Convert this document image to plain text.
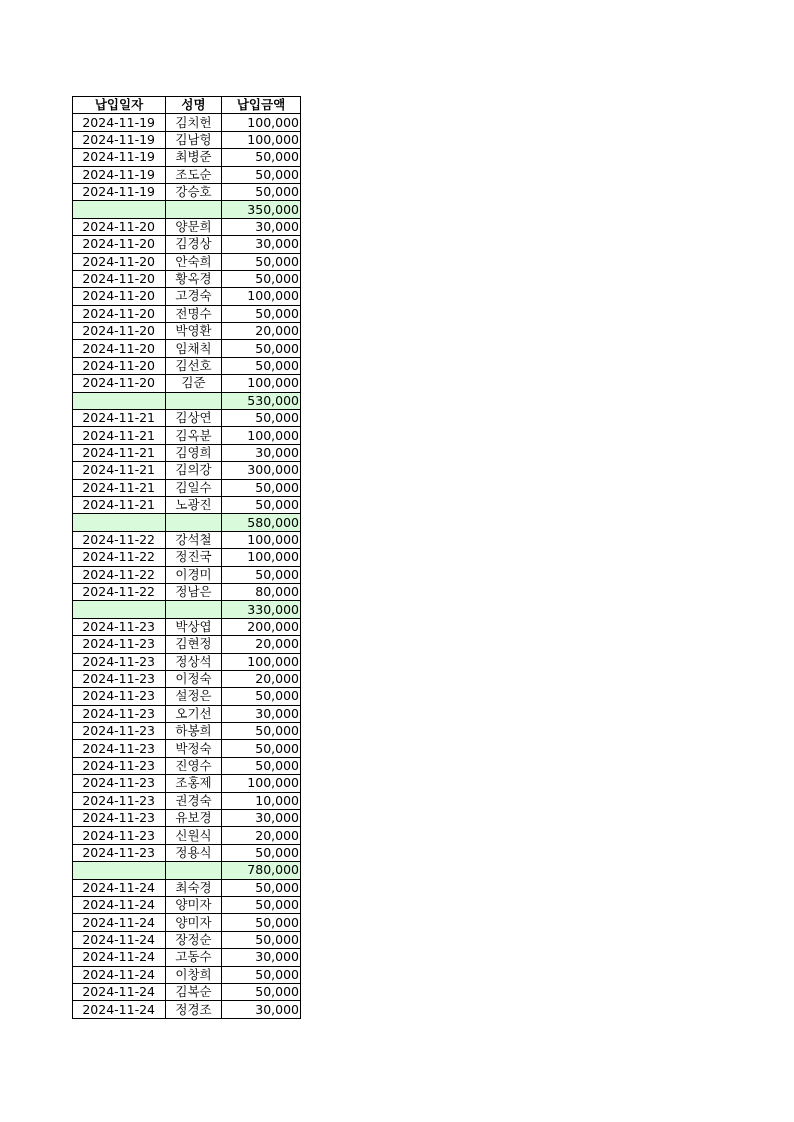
납입일자	성명	납입금액
2024-11-19	김치헌	100,000
2024-11-19	김남헝	100,000
2024-11-19	최병준	50,000
2024-11-19	조도순	50,000
2024-11-19	강승호	50,000
		350,000
2024-11-20	양문희	30,000
2024-11-20	김경상	30,000
2024-11-20	안숙희	50,000
2024-11-20	황옥경	50,000
2024-11-20	고경숙	100,000
2024-11-20	전명수	50,000
2024-11-20	박영환	20,000
2024-11-20	임채칙	50,000
2024-11-20	김선호	50,000
2024-11-20	김준	100,000
		530,000
2024-11-21	김상연	50,000
2024-11-21	김옥분	100,000
2024-11-21	김영희	30,000
2024-11-21	김의강	300,000
2024-11-21	김일수	50,000
2024-11-21	노광진	50,000
		580,000
2024-11-22	강석철	100,000
2024-11-22	정진국	100,000
2024-11-22	이경미	50,000
2024-11-22	정남은	80,000
		330,000
2024-11-23	박상엽	200,000
2024-11-23	김현정	20,000
2024-11-23	정상석	100,000
2024-11-23	이정숙	20,000
2024-11-23	설정은	50,000
2024-11-23	오기선	30,000
2024-11-23	하봉희	50,000
2024-11-23	박정숙	50,000
2024-11-23	진영수	50,000
2024-11-23	조홍제	100,000
2024-11-23	권경숙	10,000
2024-11-23	유보경	30,000
2024-11-23	신원식	20,000
2024-11-23	정용식	50,000
		780,000
2024-11-24	최숙경	50,000
2024-11-24	양미자	50,000
2024-11-24	양미자	50,000
2024-11-24	장정순	50,000
2024-11-24	고동수	30,000
2024-11-24	이창희	50,000
2024-11-24	김복순	50,000
2024-11-24	정경조	30,000
